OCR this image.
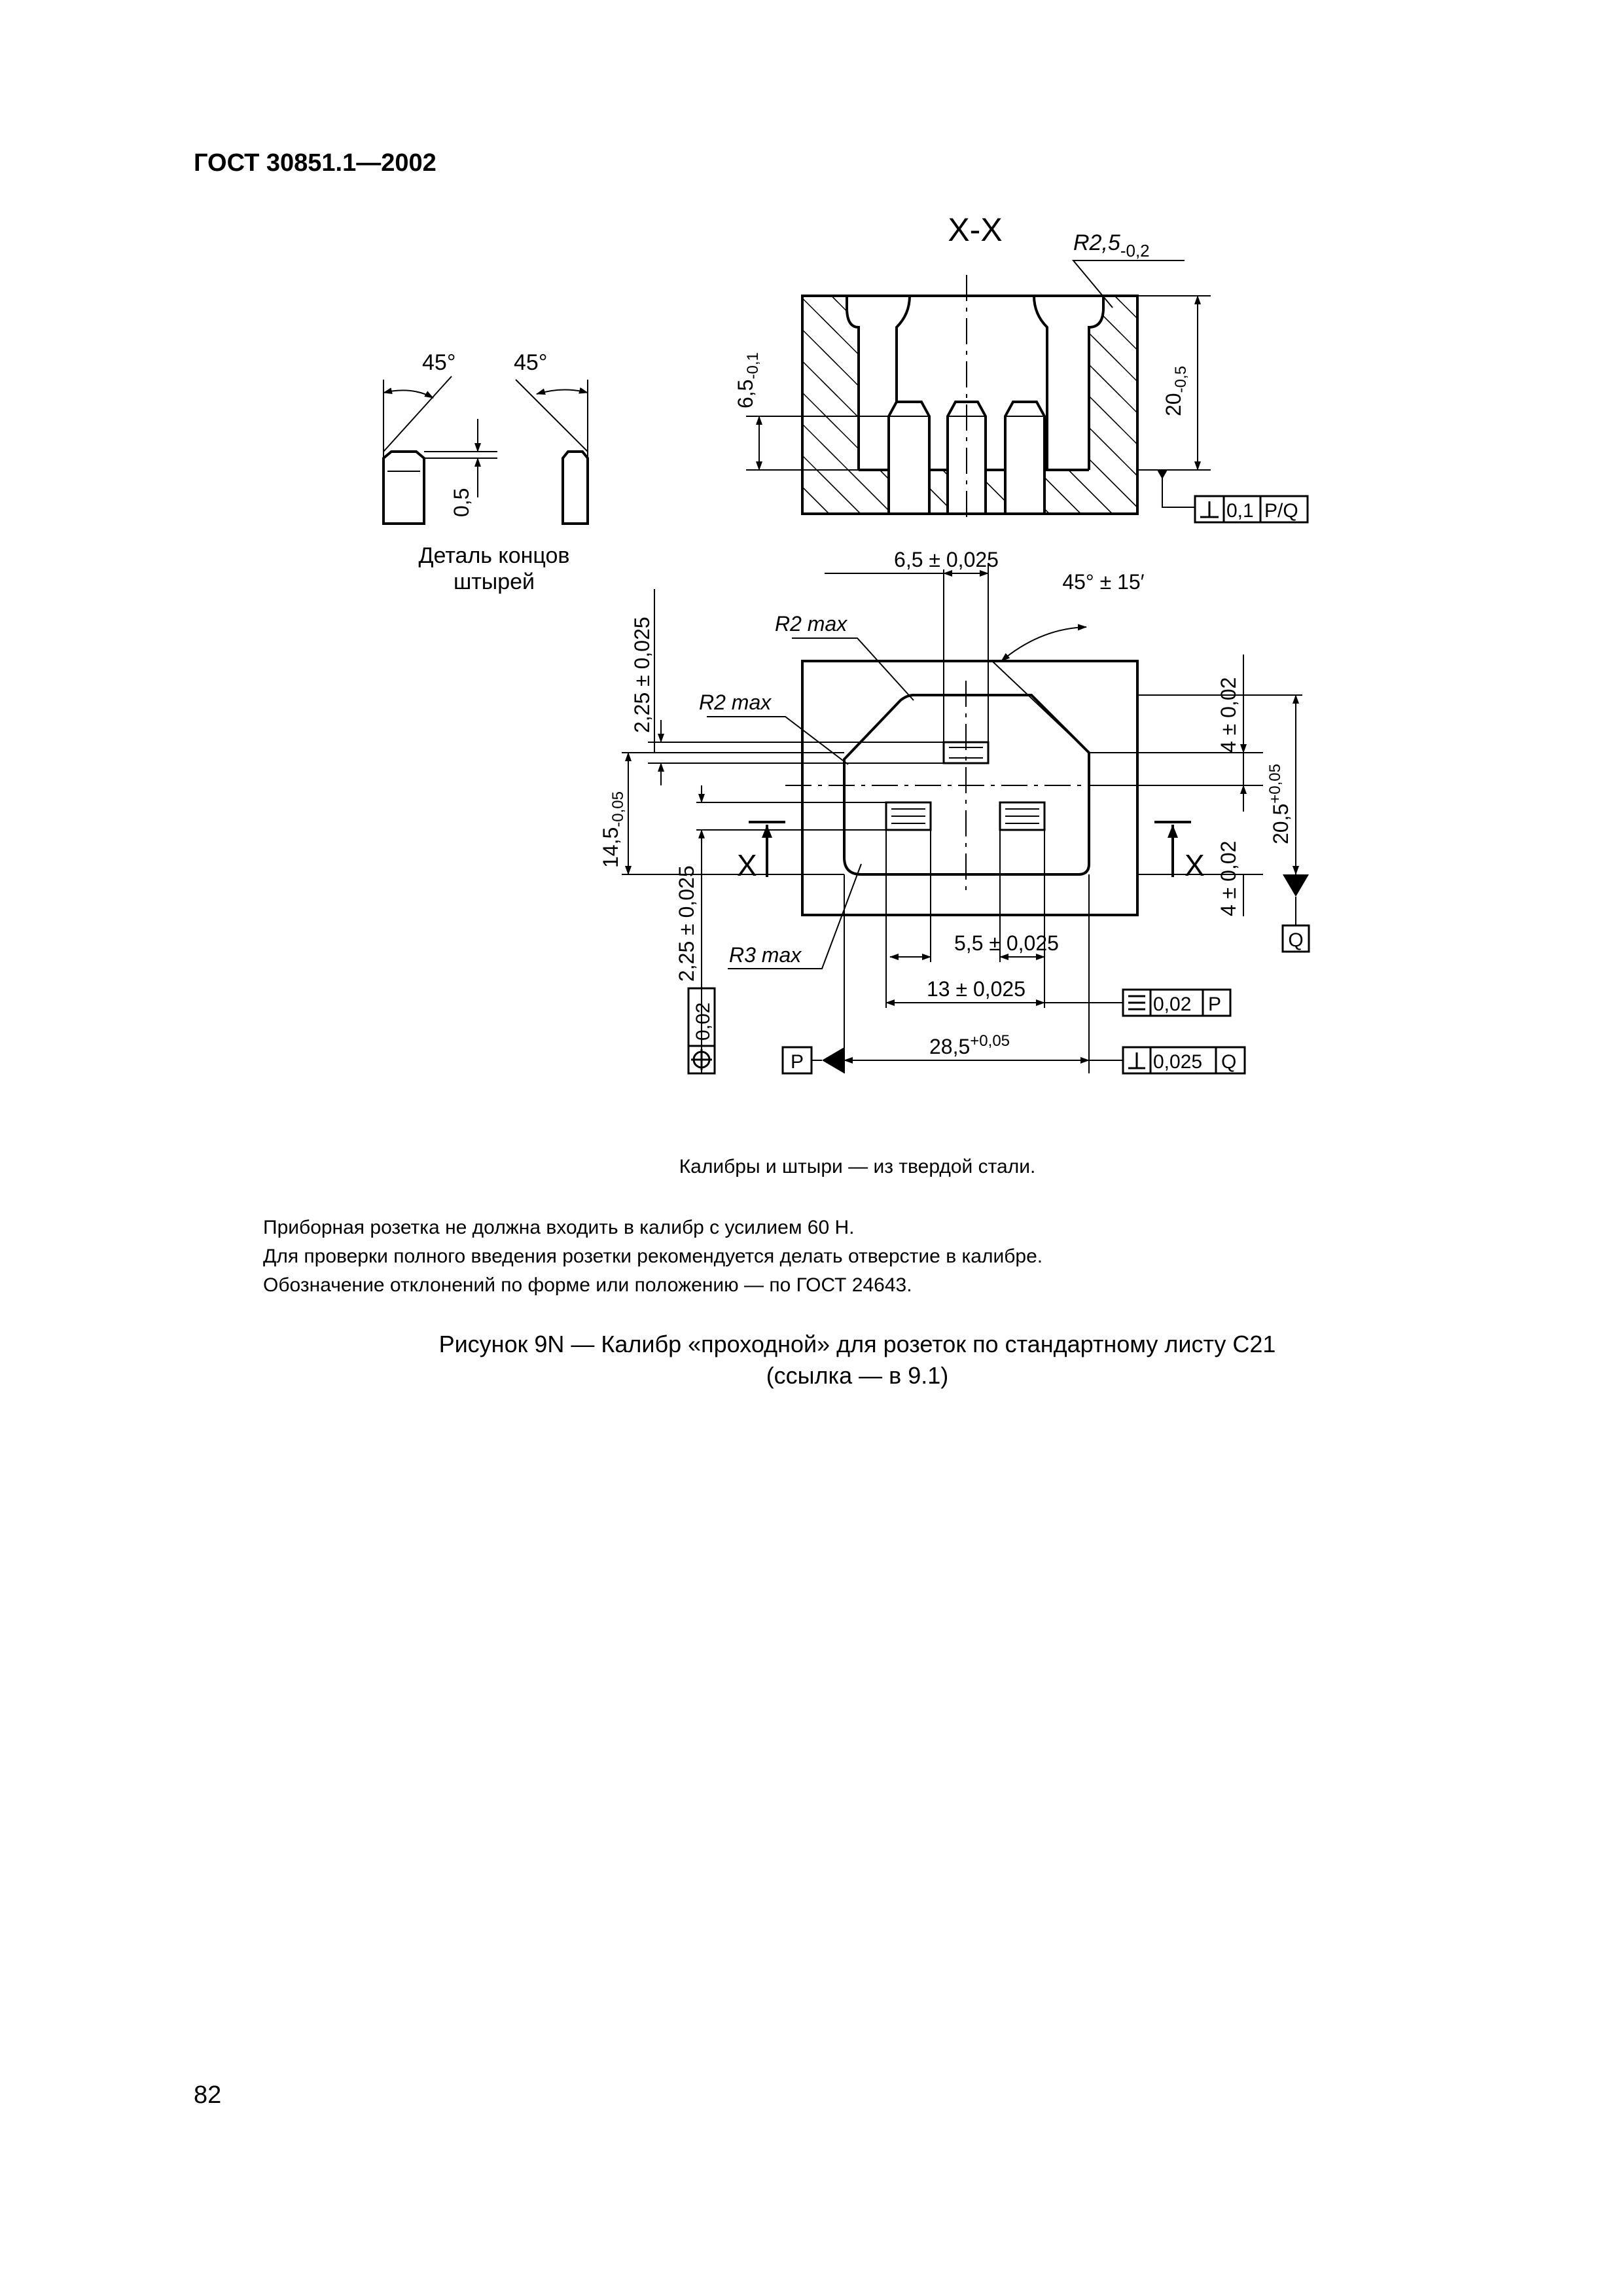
ГОСТ 30851.1—2002
45°	45°
0,5
Деталь концов
штырей
X-X
$6,5_{-0,1}$
$20_{-0,5}$
$R2,5_{-0,2}$
0,1 P/Q
6,5 ± 0,025
45° ± 15′
R2 max
R2 max
R3 max
2,25 ± 0,025
$14,5_{-0,05}$
2,25 ± 0,025
4 ± 0,02
4 ± 0,02
$20,5^{+0,05}$
X	X
5,5 ± 0,025
13 ± 0,025
$28,5^{+0,05}$
0,02 P
0,025 Q
P
Q
0,02
Калибры и штыри — из твердой стали.
Приборная розетка не должна входить в калибр с усилием 60 Н.
Для проверки полного введения розетки рекомендуется делать отверстие в калибре.
Обозначение отклонений по форме или положению — по ГОСТ 24643.
Рисунок 9N — Калибр «проходной» для розеток по стандартному листу С21
(ссылка — в 9.1)
82
